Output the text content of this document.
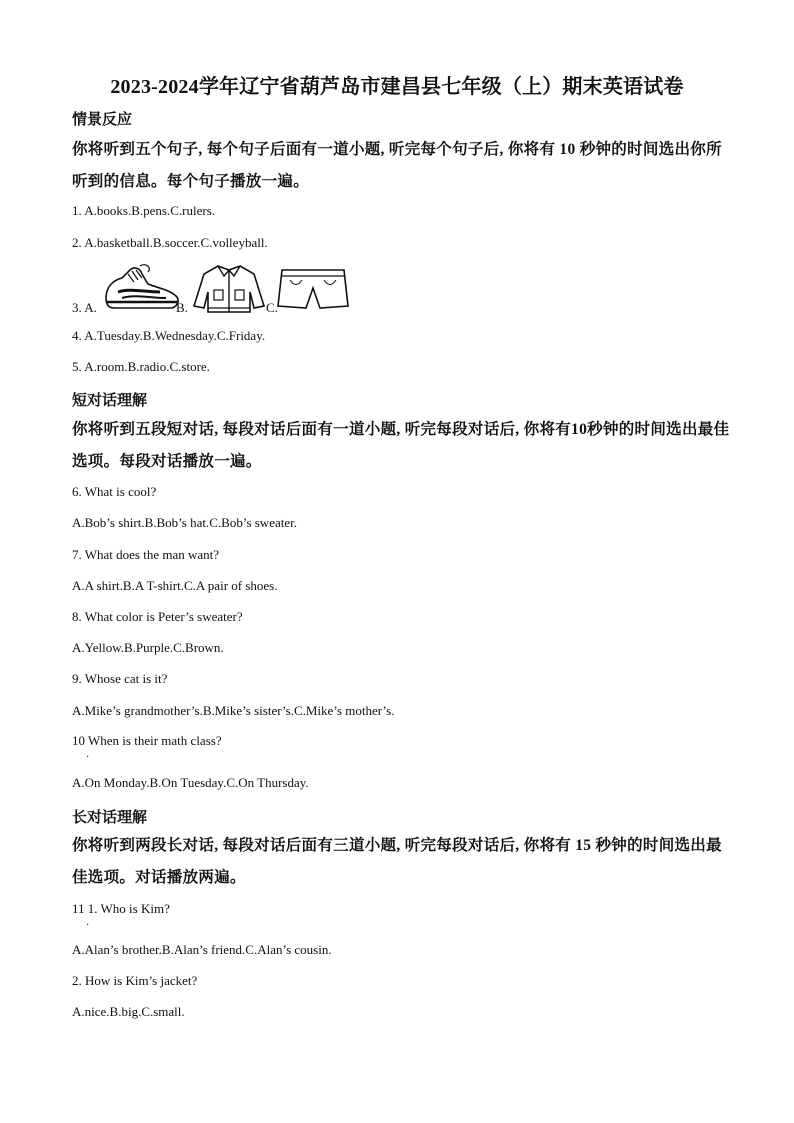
2023-2024学年辽宁省葫芦岛市建昌县七年级（上）期末英语试卷
情景反应
你将听到五个句子, 每个句子后面有一道小题, 听完每个句子后, 你将有 10 秒钟的时间选出你所听到的信息。每个句子播放一遍。
1. A.books.B.pens.C.rulers.
2. A.basketball.B.soccer.C.volleyball.
3. A.	B.	C.
4. A.Tuesday.B.Wednesday.C.Friday.
5. A.room.B.radio.C.store.
短对话理解
你将听到五段短对话, 每段对话后面有一道小题, 听完每段对话后, 你将有10秒钟的时间选出最佳选项。每段对话播放一遍。
6. What is cool?
A.Bob’s shirt.B.Bob’s hat.C.Bob’s sweater.
7. What does the man want?
A.A shirt.B.A T-shirt.C.A pair of shoes.
8. What color is Peter’s sweater?
A.Yellow.B.Purple.C.Brown.
9. Whose cat is it?
A.Mike’s grandmother’s.B.Mike’s sister’s.C.Mike’s mother’s.
10 When is their math class?
·
A.On Monday.B.On Tuesday.C.On Thursday.
长对话理解
你将听到两段长对话, 每段对话后面有三道小题, 听完每段对话后, 你将有 15 秒钟的时间选出最佳选项。对话播放两遍。
11 1. Who is Kim?
·
A.Alan’s brother.B.Alan’s friend.C.Alan’s cousin.
2. How is Kim’s jacket?
A.nice.B.big.C.small.
